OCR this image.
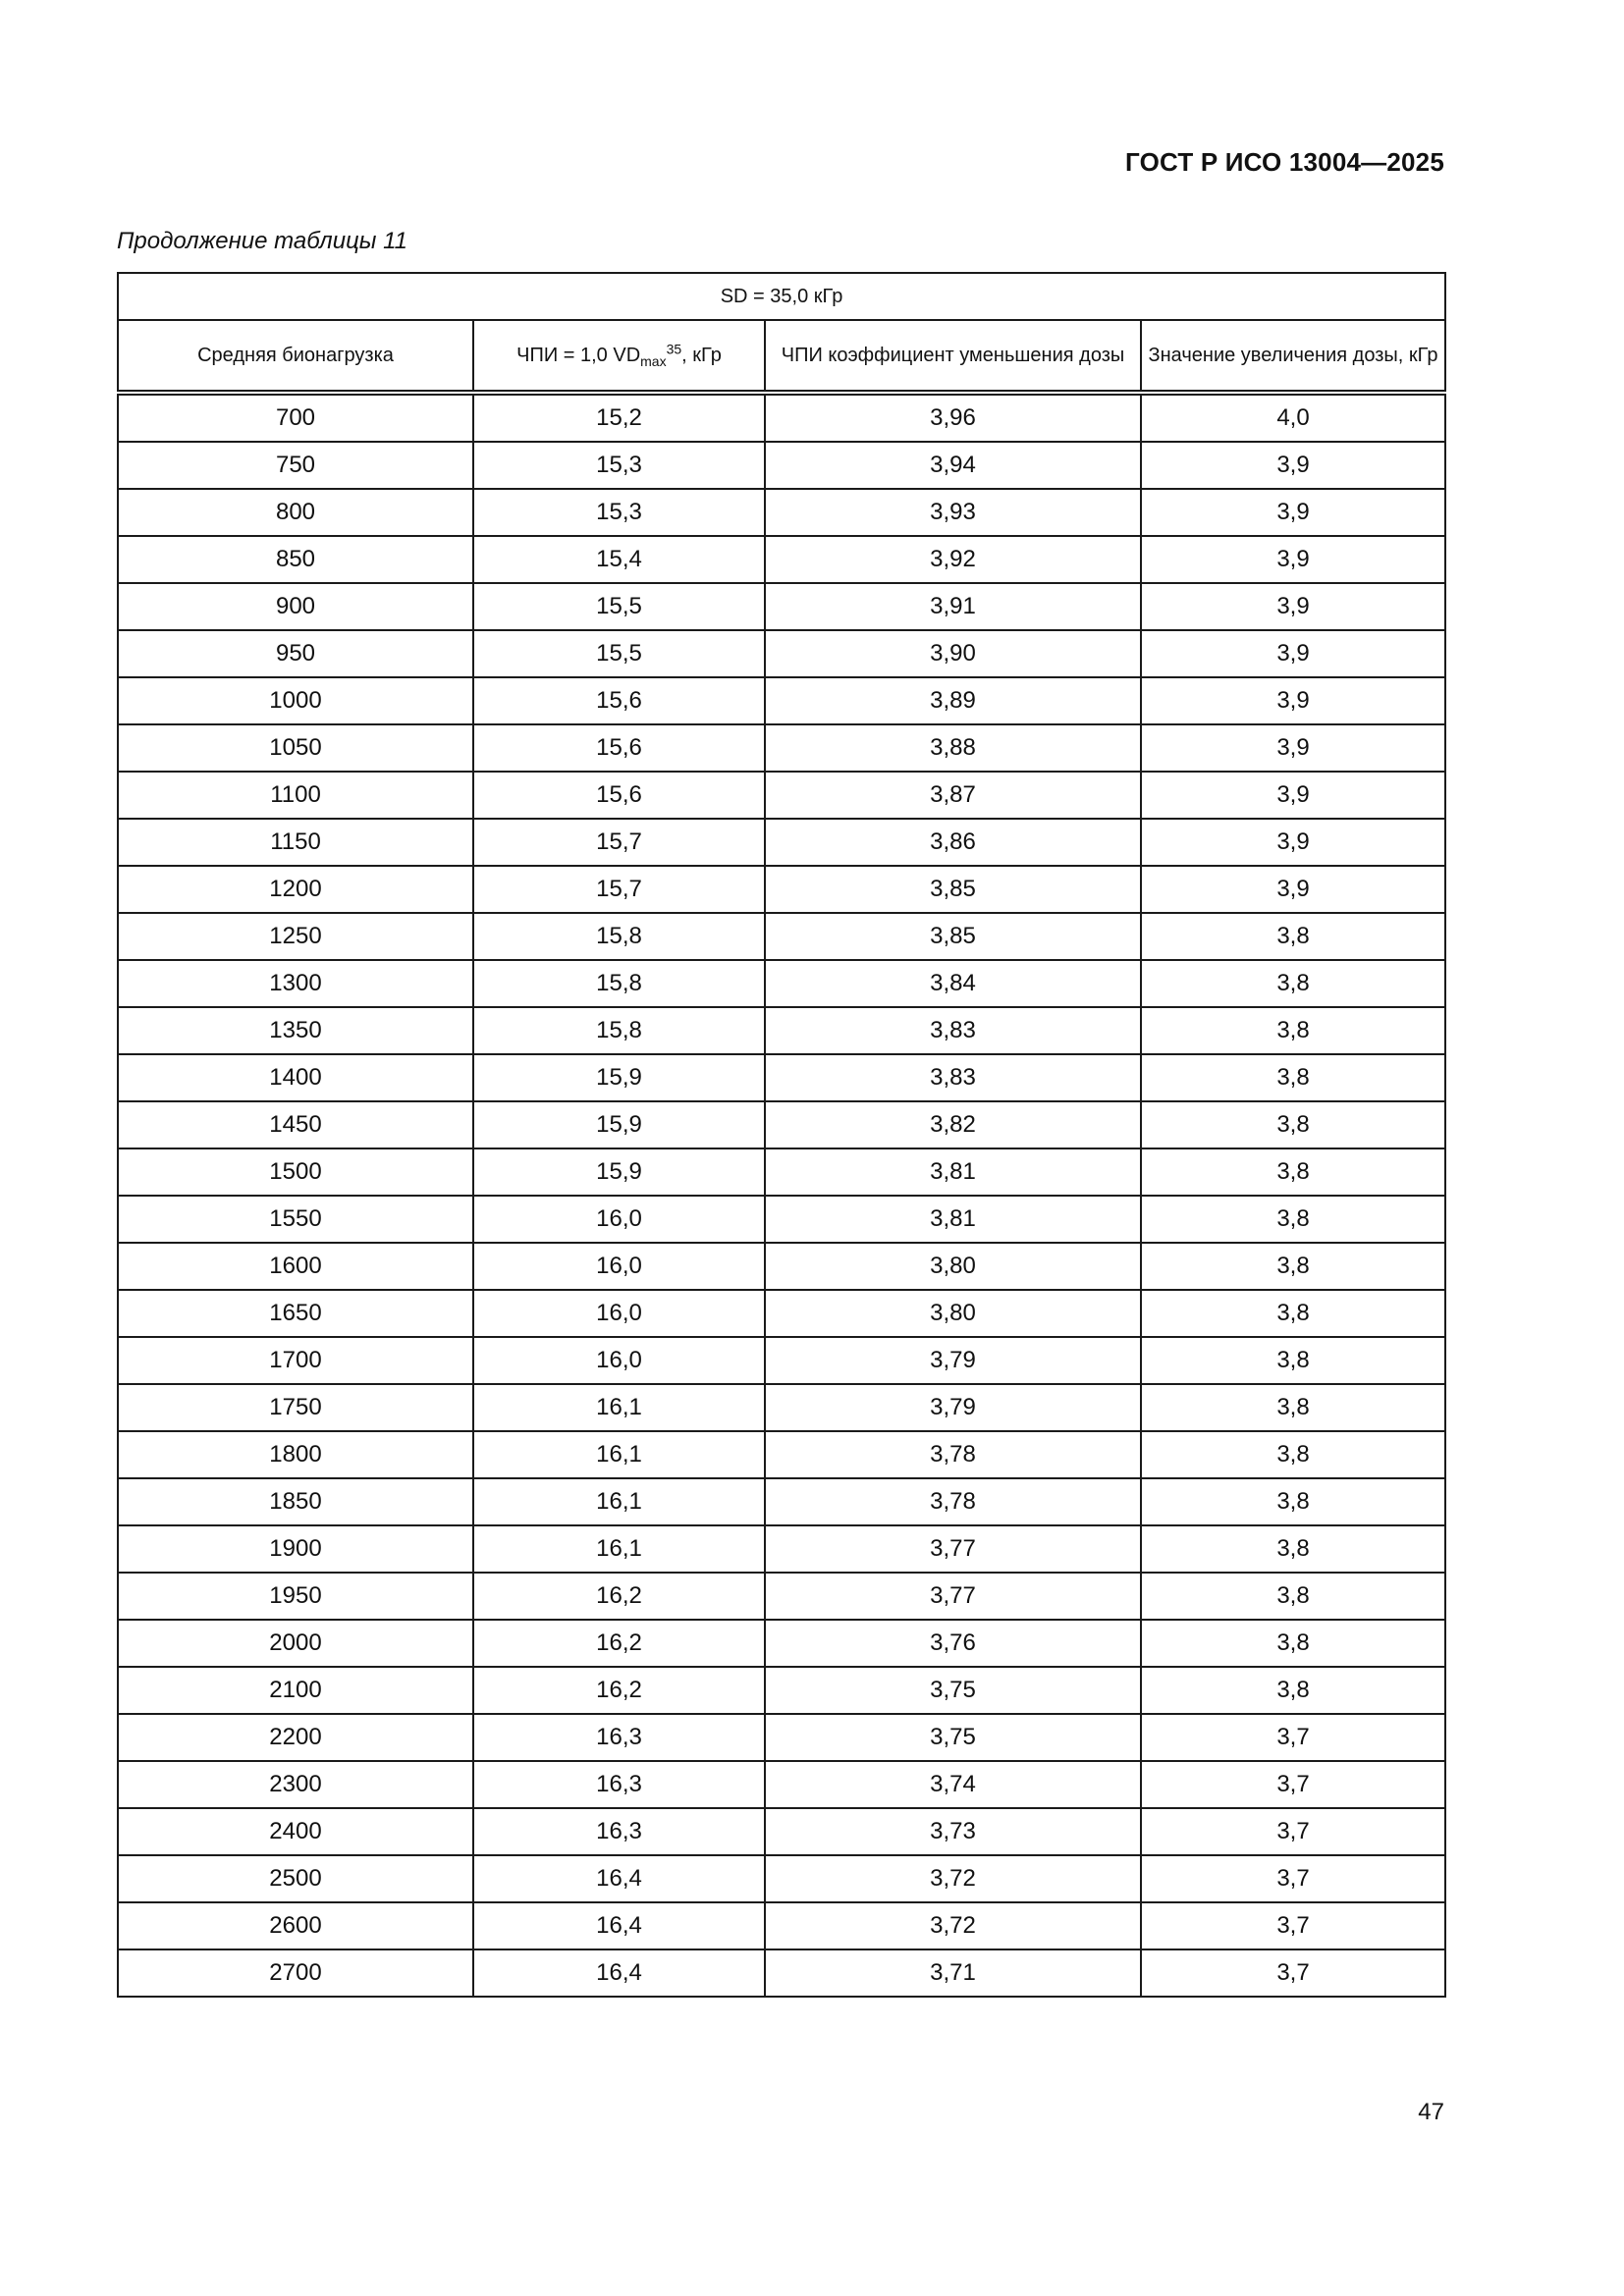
ГОСТ Р ИСО 13004—2025
Продолжение таблицы 11
SD = 35,0 кГр			
Средняя бионагрузка	ЧПИ = 1,0 $VD_{max}^{35}$, кГр	ЧПИ коэффициент уменьшения дозы	Значение увеличения дозы, кГр
700	15,2	3,96	4,0
750	15,3	3,94	3,9
800	15,3	3,93	3,9
850	15,4	3,92	3,9
900	15,5	3,91	3,9
950	15,5	3,90	3,9
1000	15,6	3,89	3,9
1050	15,6	3,88	3,9
1100	15,6	3,87	3,9
1150	15,7	3,86	3,9
1200	15,7	3,85	3,9
1250	15,8	3,85	3,8
1300	15,8	3,84	3,8
1350	15,8	3,83	3,8
1400	15,9	3,83	3,8
1450	15,9	3,82	3,8
1500	15,9	3,81	3,8
1550	16,0	3,81	3,8
1600	16,0	3,80	3,8
1650	16,0	3,80	3,8
1700	16,0	3,79	3,8
1750	16,1	3,79	3,8
1800	16,1	3,78	3,8
1850	16,1	3,78	3,8
1900	16,1	3,77	3,8
1950	16,2	3,77	3,8
2000	16,2	3,76	3,8
2100	16,2	3,75	3,8
2200	16,3	3,75	3,7
2300	16,3	3,74	3,7
2400	16,3	3,73	3,7
2500	16,4	3,72	3,7
2600	16,4	3,72	3,7
2700	16,4	3,71	3,7
47
